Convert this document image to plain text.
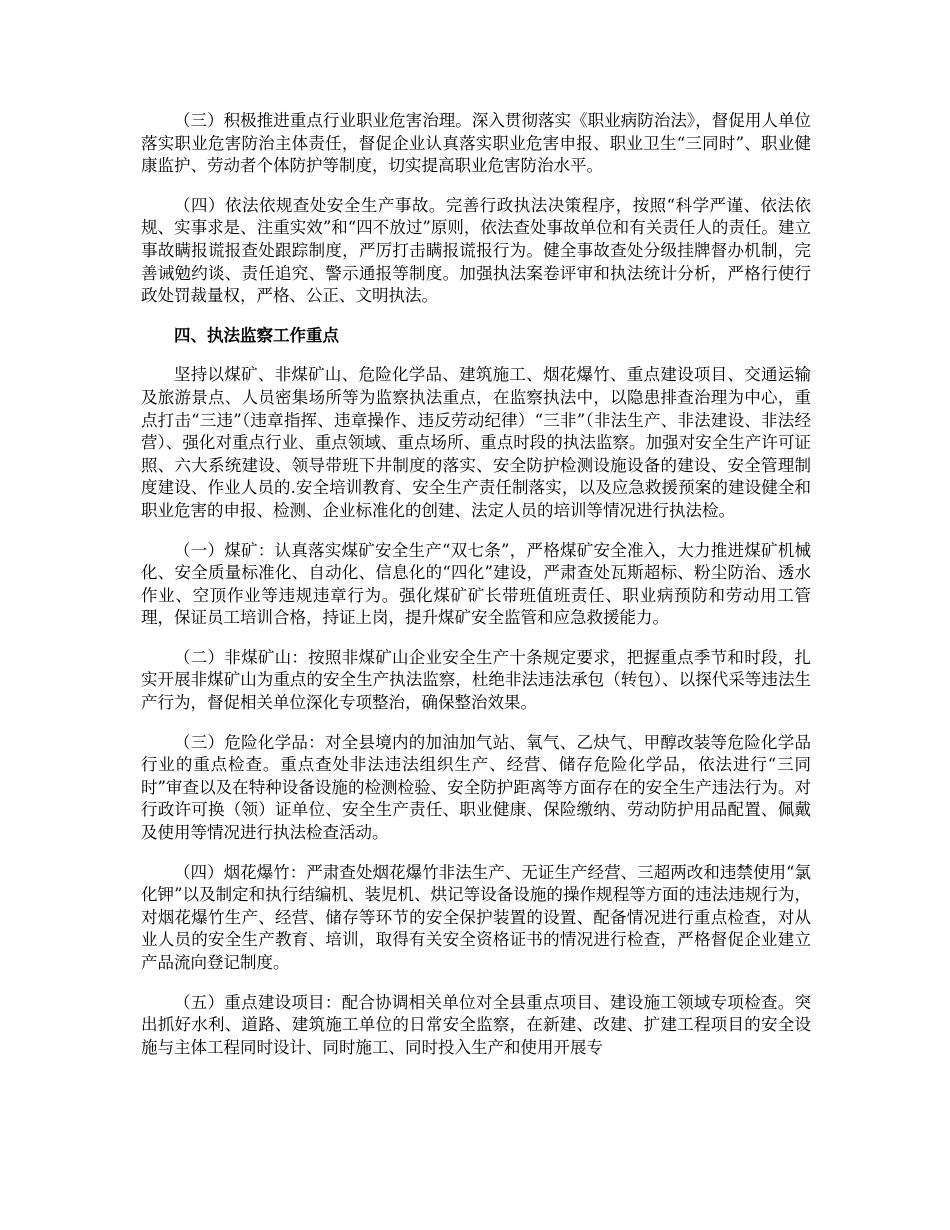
（三）积极推进重点行业职业危害治理。深入贯彻落实《职业病防治法》，督促用人单位落实职业危害防治主体责任，督促企业认真落实职业危害申报、职业卫生“三同时”、职业健康监护、劳动者个体防护等制度，切实提高职业危害防治水平。

（四）依法依规查处安全生产事故。完善行政执法决策程序，按照“科学严谨、依法依规、实事求是、注重实效”和“四不放过”原则，依法查处事故单位和有关责任人的责任。建立事故瞒报谎报查处跟踪制度，严厉打击瞒报谎报行为。健全事故查处分级挂牌督办机制，完善诫勉约谈、责任追究、警示通报等制度。加强执法案卷评审和执法统计分析，严格行使行政处罚裁量权，严格、公正、文明执法。

四、执法监察工作重点

坚持以煤矿、非煤矿山、危险化学品、建筑施工、烟花爆竹、重点建设项目、交通运输及旅游景点、人员密集场所等为监察执法重点，在监察执法中，以隐患排查治理为中心，重点打击“三违”（违章指挥、违章操作、违反劳动纪律）“三非”（非法生产、非法建设、非法经营）、强化对重点行业、重点领域、重点场所、重点时段的执法监察。加强对安全生产许可证照、六大系统建设、领导带班下井制度的落实、安全防护检测设施设备的建设、安全管理制度建设、作业人员的.安全培训教育、安全生产责任制落实，以及应急救援预案的建设健全和职业危害的申报、检测、企业标准化的创建、法定人员的培训等情况进行执法检。

（一）煤矿：认真落实煤矿安全生产“双七条”，严格煤矿安全准入，大力推进煤矿机械化、安全质量标准化、自动化、信息化的“四化”建设，严肃查处瓦斯超标、粉尘防治、透水作业、空顶作业等违规违章行为。强化煤矿矿长带班值班责任、职业病预防和劳动用工管理，保证员工培训合格，持证上岗，提升煤矿安全监管和应急救援能力。

（二）非煤矿山：按照非煤矿山企业安全生产十条规定要求，把握重点季节和时段，扎实开展非煤矿山为重点的安全生产执法监察，杜绝非法违法承包（转包）、以探代采等违法生产行为，督促相关单位深化专项整治，确保整治效果。

（三）危险化学品：对全县境内的加油加气站、氧气、乙炔气、甲醇改装等危险化学品行业的重点检查。重点查处非法违法组织生产、经营、储存危险化学品，依法进行“三同时”审查以及在特种设备设施的检测检验、安全防护距离等方面存在的安全生产违法行为。对行政许可换（领）证单位、安全生产责任、职业健康、保险缴纳、劳动防护用品配置、佩戴及使用等情况进行执法检查活动。

（四）烟花爆竹：严肃查处烟花爆竹非法生产、无证生产经营、三超两改和违禁使用“氯化钾”以及制定和执行结编机、装児机、烘记等设备设施的操作规程等方面的违法违规行为，对烟花爆竹生产、经营、储存等环节的安全保护装置的设置、配备情况进行重点检查，对从业人员的安全生产教育、培训，取得有关安全资格证书的情况进行检查，严格督促企业建立产品流向登记制度。

（五）重点建设项目：配合协调相关单位对全县重点项目、建设施工领域专项检查。突出抓好水利、道路、建筑施工单位的日常安全监察，在新建、改建、扩建工程项目的安全设施与主体工程同时设计、同时施工、同时投入生产和使用开展专
